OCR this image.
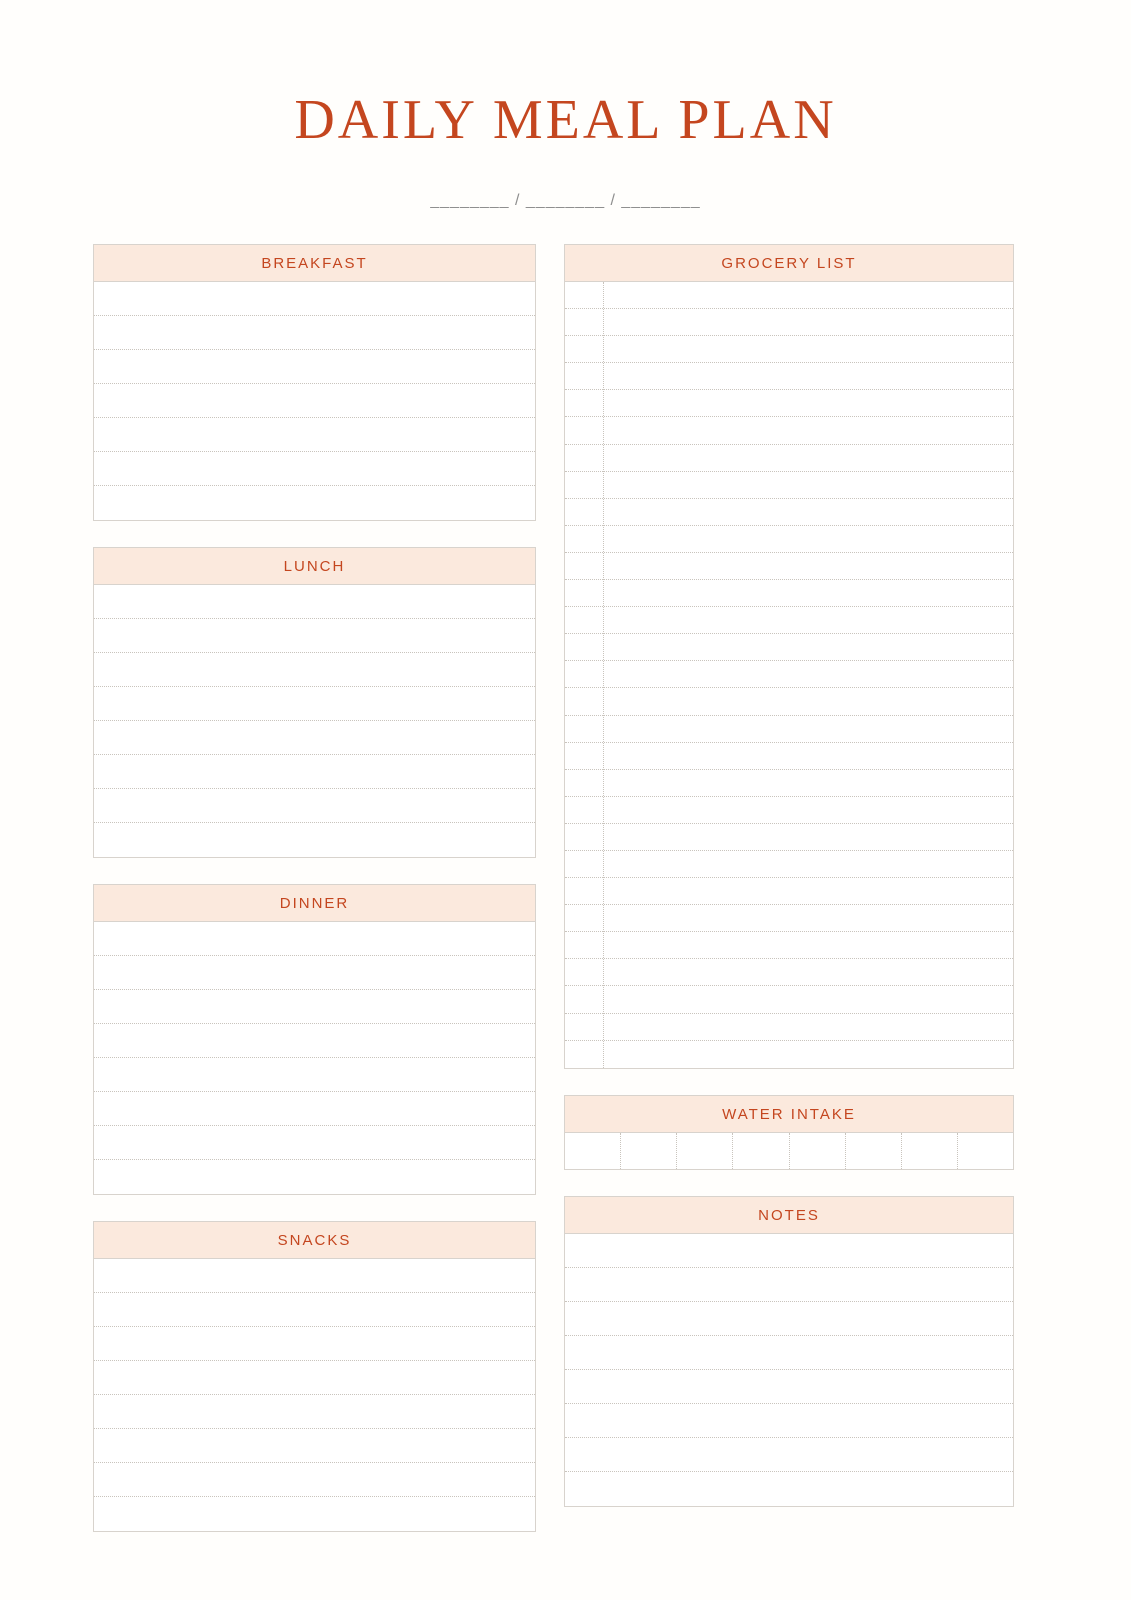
DAILY MEAL PLAN
________ / ________ / ________
BREAKFAST
LUNCH
DINNER
SNACKS
GROCERY LIST
WATER INTAKE
NOTES
